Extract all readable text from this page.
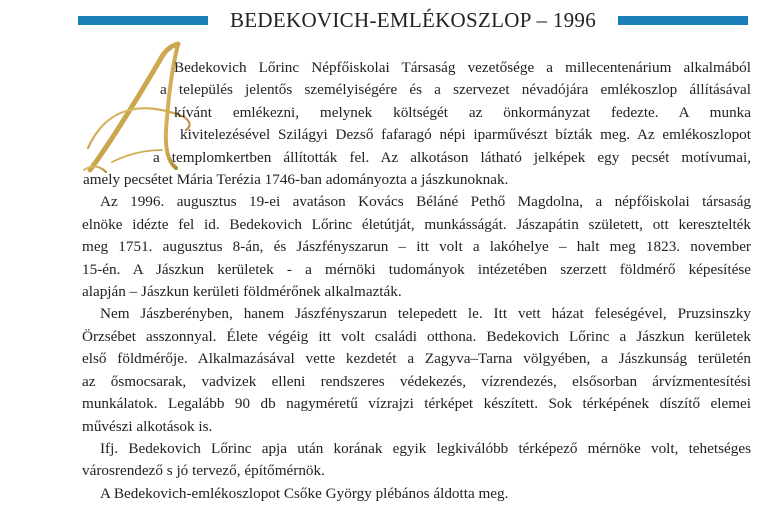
BEDEKOVICH-EMLÉKOSZLOP – 1996

Bedekovich Lőrinc Népfőiskolai Társaság vezetősége a millecentenárium alkalmából
a település jelentős személyiségére és a szervezet névadójára emlékoszlop állításával
kívánt emlékezni, melynek költségét az önkormányzat fedezte. A munka
kivitelezésével Szilágyi Dezső fafaragó népi iparművészt bízták meg. Az emlékoszlopot
a templomkertben állították fel. Az alkotáson látható jelképek egy pecsét motívumai,
amely pecsétet Mária Terézia 1746-ban adományozta a jászkunoknak.

Az 1996. augusztus 19-ei avatáson Kovács Béláné Pethő Magdolna, a népfőiskolai társaság
elnöke idézte fel id. Bedekovich Lőrinc életútját, munkásságát. Jászapátin született, ott keresztelték
meg 1751. augusztus 8-án, és Jászfényszarun – itt volt a lakóhelye – halt meg 1823. november
15-én. A Jászkun kerületek - a mérnöki tudományok intézetében szerzett földmérő képesítése
alapján – Jászkun kerületi földmérőnek alkalmazták.

Nem Jászberényben, hanem Jászfényszarun telepedett le. Itt vett házat feleségével, Pruzsinszky
Örzsébet asszonnyal. Élete végéig itt volt családi otthona. Bedekovich Lőrinc a Jászkun kerületek
első földmérője. Alkalmazásával vette kezdetét a Zagyva–Tarna völgyében, a Jászkunság területén
az ősmocsarak, vadvizek elleni rendszeres védekezés, vízrendezés, elsősorban árvízmentesítési
munkálatok. Legalább 90 db nagyméretű vízrajzi térképet készített. Sok térképének díszítő elemei
művészi alkotások is.

Ifj. Bedekovich Lőrinc apja után korának egyik legkiválóbb térképező mérnöke volt, tehetséges
városrendező s jó tervező, építőmérnök.

A Bedekovich-emlékoszlopot Csőke György plébános áldotta meg.
